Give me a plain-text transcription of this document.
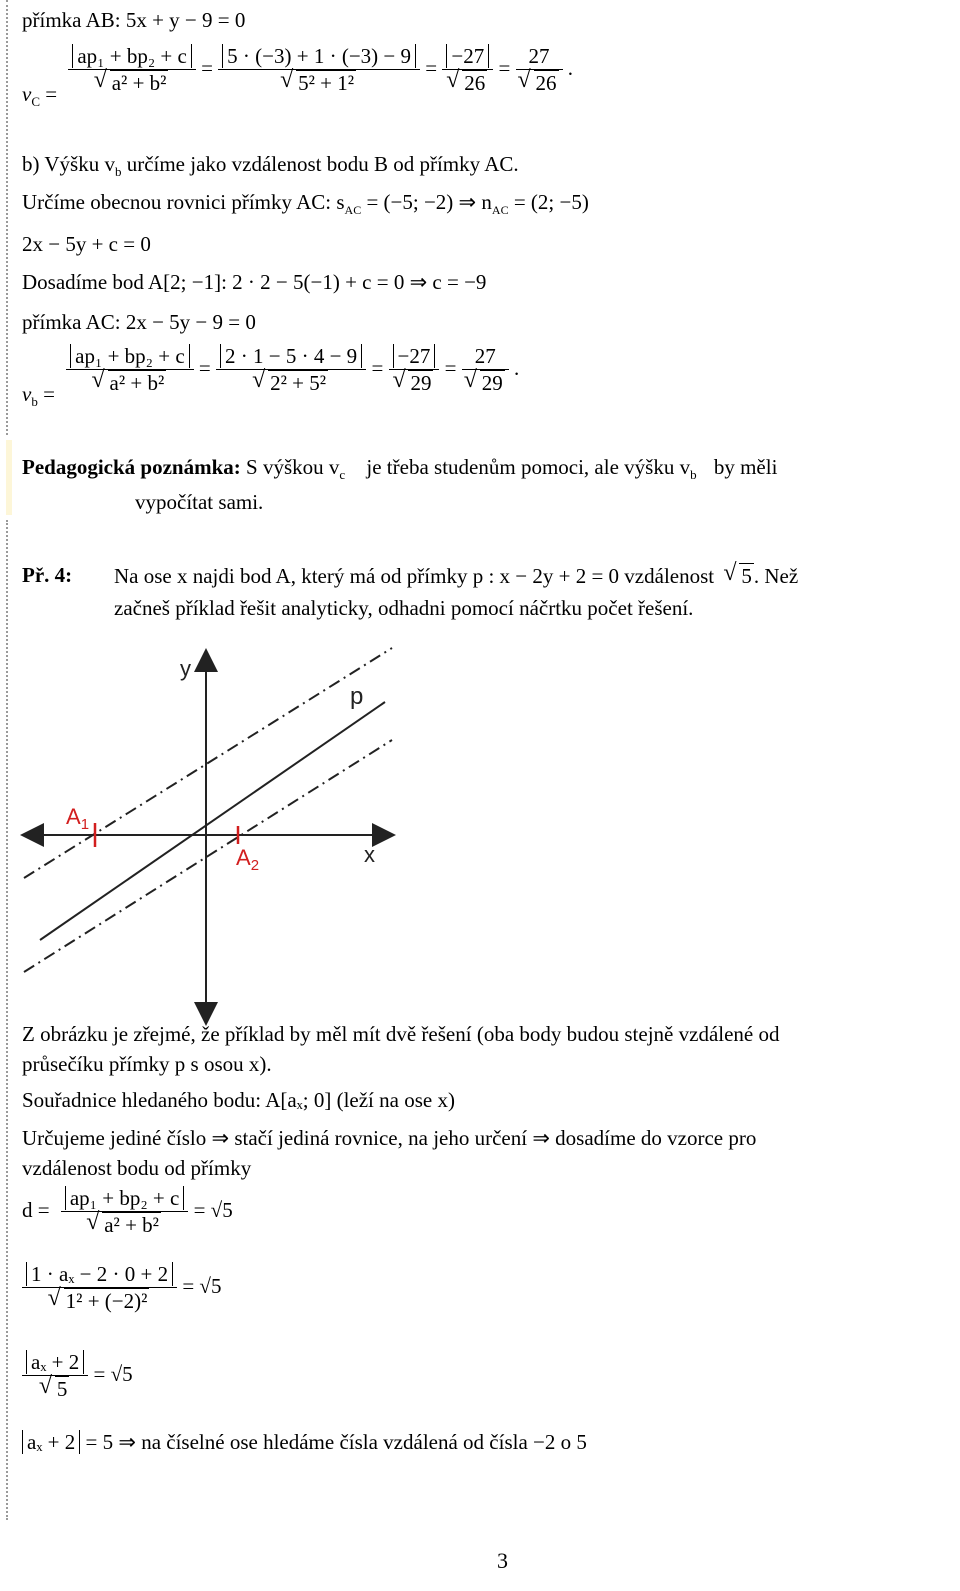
přímka AB: 5x + y − 9 = 0
$v_C = ap_1 + bp_2 + c$
√ a² + b² = 5 · (−3) + 1 · (−3) − 9
√ 5² + 1² = −27
√ 26 = 27
√ 26 .
b) Výšku $v_b$ určíme jako vzdálenost bodu B od přímky AC.
Určíme obecnou rovnici přímky AC: $s_{AC} = (-5$; −2) ⇒ $n_{AC} = (2$; −5)
2x − 5y + c = 0
Dosadíme bod A[2; −1]: 2 · 2 − 5(−1) + c = 0 ⇒ c = −9
přímka AC: 2x − 5y − 9 = 0
$v_b = ap_1 + bp_2 + c$
√ a² + b² = 2 · 1 − 5 · 4 − 9
√ 2² + 5² = −27
√ 29 = 27
√ 29 .
Pedagogická poznámka: S výškou $v_c$ je třeba studenům pomoci, ale výšku $v_b$ by měli
vypočítat sami.
Př. 4: Na ose x najdi bod A, který má od přímky p : x − 2y + 2 = 0 vzdálenost √ 5. Než
začneš příklad řešit analyticky, odhadni pomocí náčrtku počet řešení.
y
p
x
$A_1$
$A_2$
Z obrázku je zřejmé, že příklad by měl mít dvě řešení (oba body budou stejně vzdálené od
průsečíku přímky p s osou x).
Souřadnice hledaného bodu: A[aₓ; 0] (leží na ose x)
Určujeme jediné číslo ⇒ stačí jediná rovnice, na jeho určení ⇒ dosadíme do vzorce pro
vzdálenost bodu od přímky
d = ap₁ + bp₂ + c
√ a² + b² = √5
1 · aₓ − 2 · 0 + 2
√ 1² + (−2)² = √5
aₓ + 2
√ 5 = √5
aₓ + 2 = 5 ⇒ na číselné ose hledáme čísla vzdálená od čísla −2 o 5
3
